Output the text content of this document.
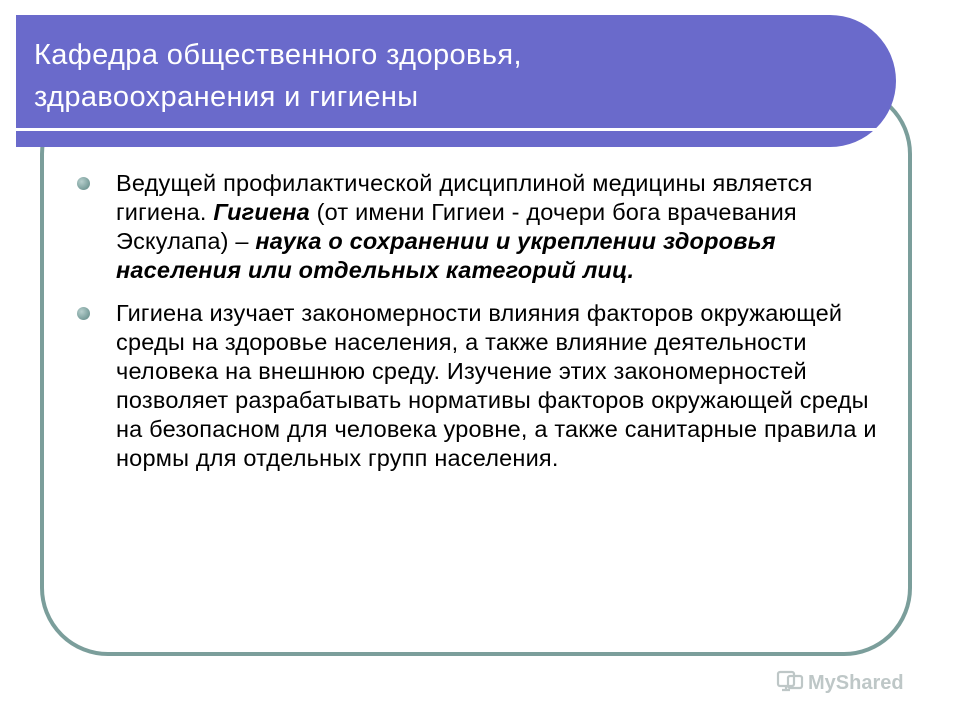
Кафедра общественного здоровья,
здравоохранения и гигиены
Ведущей профилактической дисциплиной медицины является гигиена. Гигиена (от имени Гигиеи - дочери бога врачевания Эскулапа) – наука о сохранении и укреплении здоровья населения или отдельных категорий лиц.
Гигиена изучает закономерности влияния факторов окружающей среды на здоровье населения, а также влияние деятельности человека на внешнюю среду. Изучение этих закономерностей позволяет разрабатывать нормативы факторов окружающей среды на безопасном для человека уровне, а также санитарные правила и нормы для отдельных групп населения.
MyShared
